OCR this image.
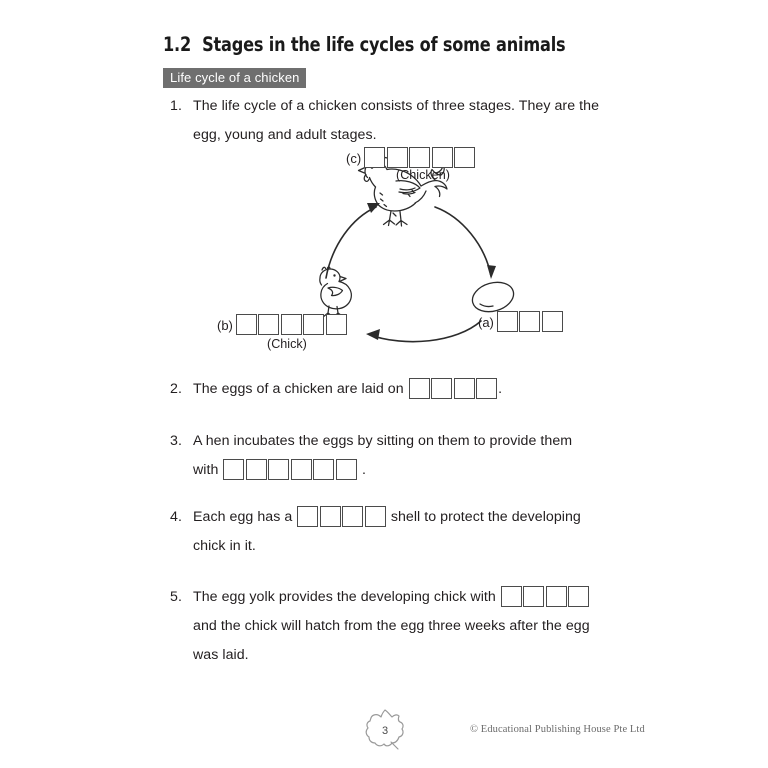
1.2 Stages in the life cycles of some animals
Life cycle of a chicken
1. The life cycle of a chicken consists of three stages. They are the
egg, young and adult stages.
(c)
(Chicken)
(b)
(Chick)
(a)
2. The eggs of a chicken are laid on
	.
3. A hen incubates the eggs by sitting on them to provide them
with

	.
4. Each egg has a

	shell to protect the developing
chick in it.
5. The egg yolk provides the developing chick with

and the chick will hatch from the egg three weeks after the egg
was laid.
3	© Educational Publishing House Pte Ltd
